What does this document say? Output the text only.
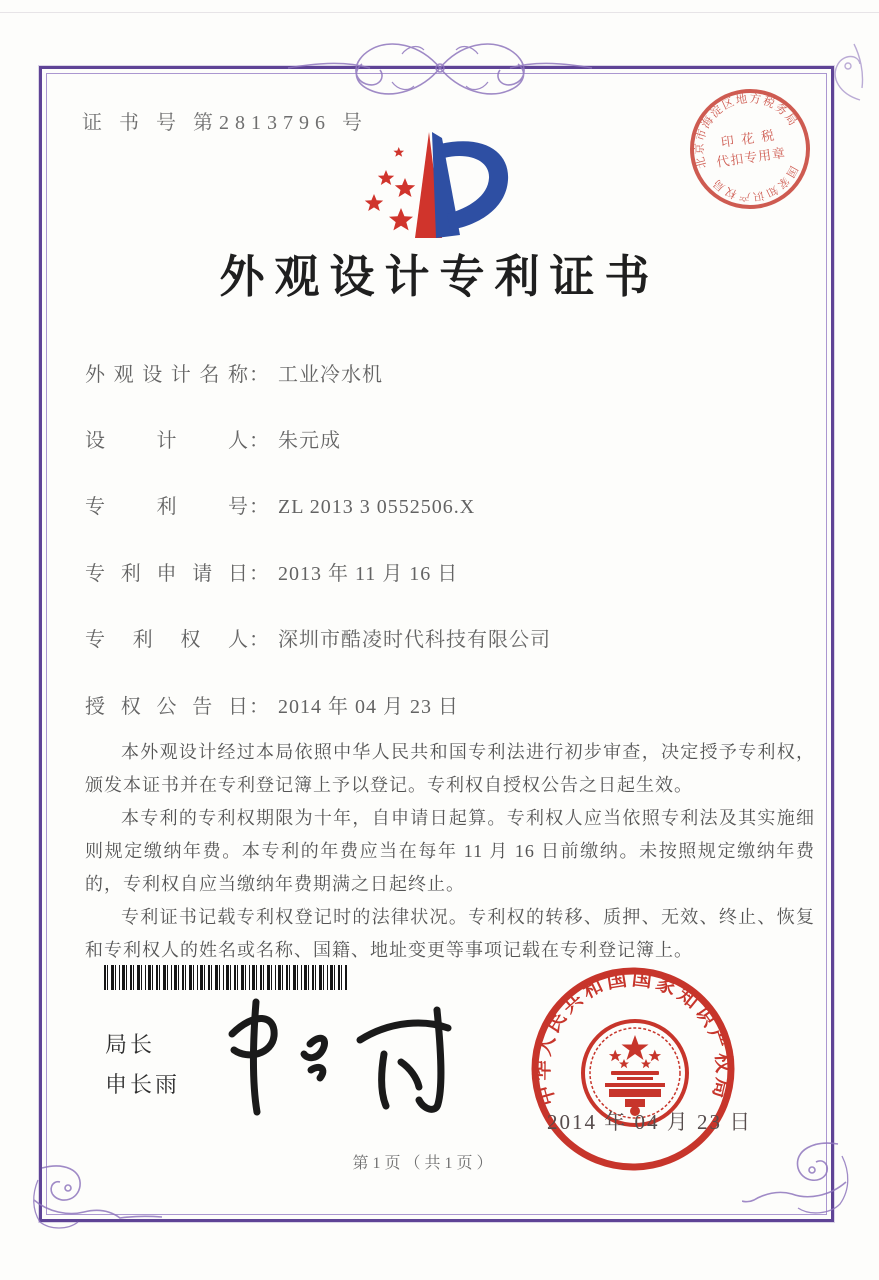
证 书 号 第2813796 号
外观设计专利证书
外观设计名称： 工业冷水机
设计人： 朱元成
专利号： ZL 2013 3 0552506.X
专利申请日： 2013 年 11 月 16 日
专利权人： 深圳市酷凌时代科技有限公司
授权公告日： 2014 年 04 月 23 日

本外观设计经过本局依照中华人民共和国专利法进行初步审查，决定授予专利权，颁发本证书并在专利登记簿上予以登记。专利权自授权公告之日起生效。

本专利的专利权期限为十年，自申请日起算。专利权人应当依照专利法及其实施细则规定缴纳年费。本专利的年费应当在每年 11 月 16 日前缴纳。未按照规定缴纳年费的，专利权自应当缴纳年费期满之日起终止。

专利证书记载专利权登记时的法律状况。专利权的转移、质押、无效、终止、恢复和专利权人的姓名或名称、国籍、地址变更等事项记载在专利登记簿上。

局长
申长雨
北京市海淀区地方税务局
国家知识产权局
印 花 税
代扣专用章
中华人民共和国国家知识产权局
2014 年 04 月 23 日
第1页（共1页）
